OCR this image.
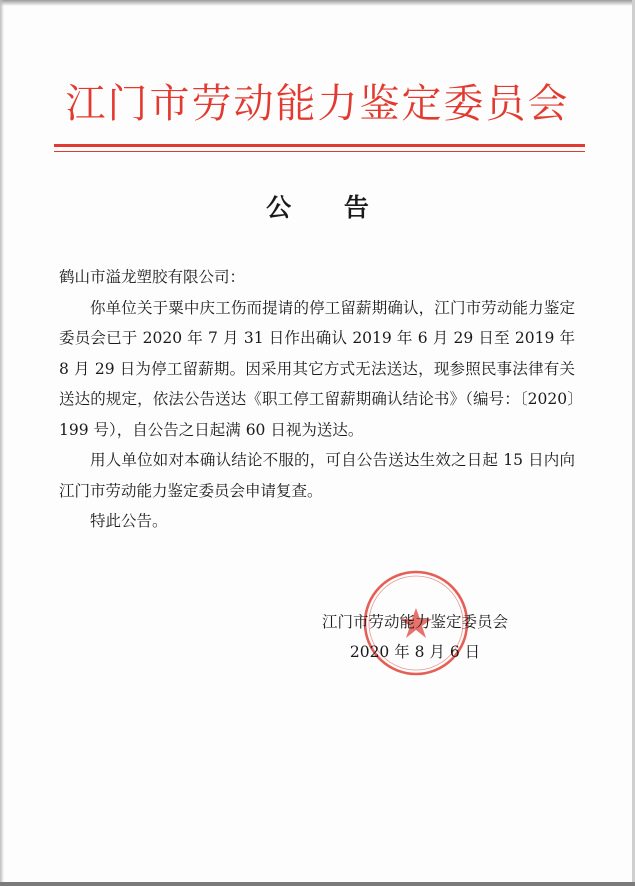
江门市劳动能力鉴定委员会
公 告

鹤山市溢龙塑胶有限公司：

你单位关于粟中庆工伤而提请的停工留薪期确认，江门市劳动能力鉴定委员会已于 2020 年 7 月 31 日作出确认 2019 年 6 月 29 日至 2019 年 8 月 29 日为停工留薪期。因采用其它方式无法送达，现参照民事法律有关送达的规定，依法公告送达《职工停工留薪期确认结论书》（编号：〔2020〕199 号），自公告之日起满 60 日视为送达。

用人单位如对本确认结论不服的，可自公告送达生效之日起 15 日内向江门市劳动能力鉴定委员会申请复查。

特此公告。

江门市劳动能力鉴定委员会
2020 年 8 月 6 日
